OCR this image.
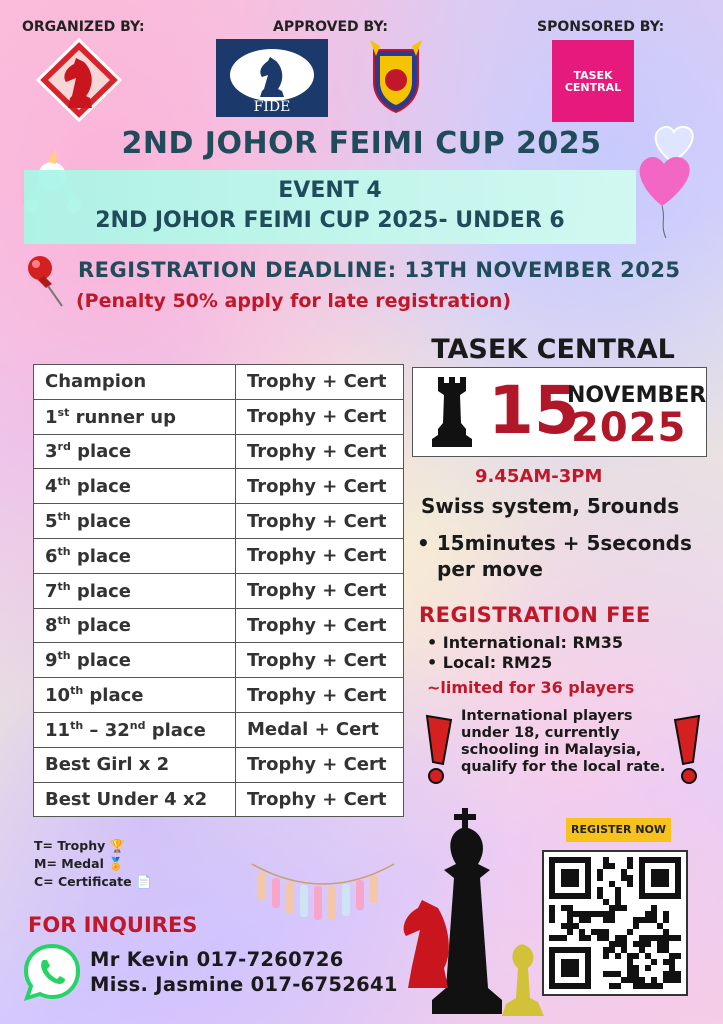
ORGANIZED BY:	APPROVED BY:	SPONSORED BY:
FIDE
TASEK
CENTRAL
2ND JOHOR FEIMI CUP 2025
EVENT 4
2ND JOHOR FEIMI CUP 2025- UNDER 6
REGISTRATION DEADLINE: 13TH NOVEMBER 2025
(Penalty 50% apply for late registration)
Champion	Trophy + Cert
1st runner up	Trophy + Cert
3rd place	Trophy + Cert
4th place	Trophy + Cert
5th place	Trophy + Cert
6th place	Trophy + Cert
7th place	Trophy + Cert
8th place	Trophy + Cert
9th place	Trophy + Cert
10th place	Trophy + Cert
11th – 32nd place	Medal + Cert
Best Girl x 2	Trophy + Cert
Best Under 4 x2	Trophy + Cert
TASEK CENTRAL
15
NOVEMBER
2025
9.45AM-3PM
Swiss system, 5rounds
• 15minutes + 5seconds
per move
REGISTRATION FEE
• International: RM35
• Local: RM25
~limited for 36 players
International players under 18, currently schooling in Malaysia, qualify for the local rate.
T= Trophy 🏆
M= Medal 🏅
C= Certificate 📄
FOR INQUIRES
Mr Kevin 017-7260726
Miss. Jasmine 017-6752641
REGISTER NOW
